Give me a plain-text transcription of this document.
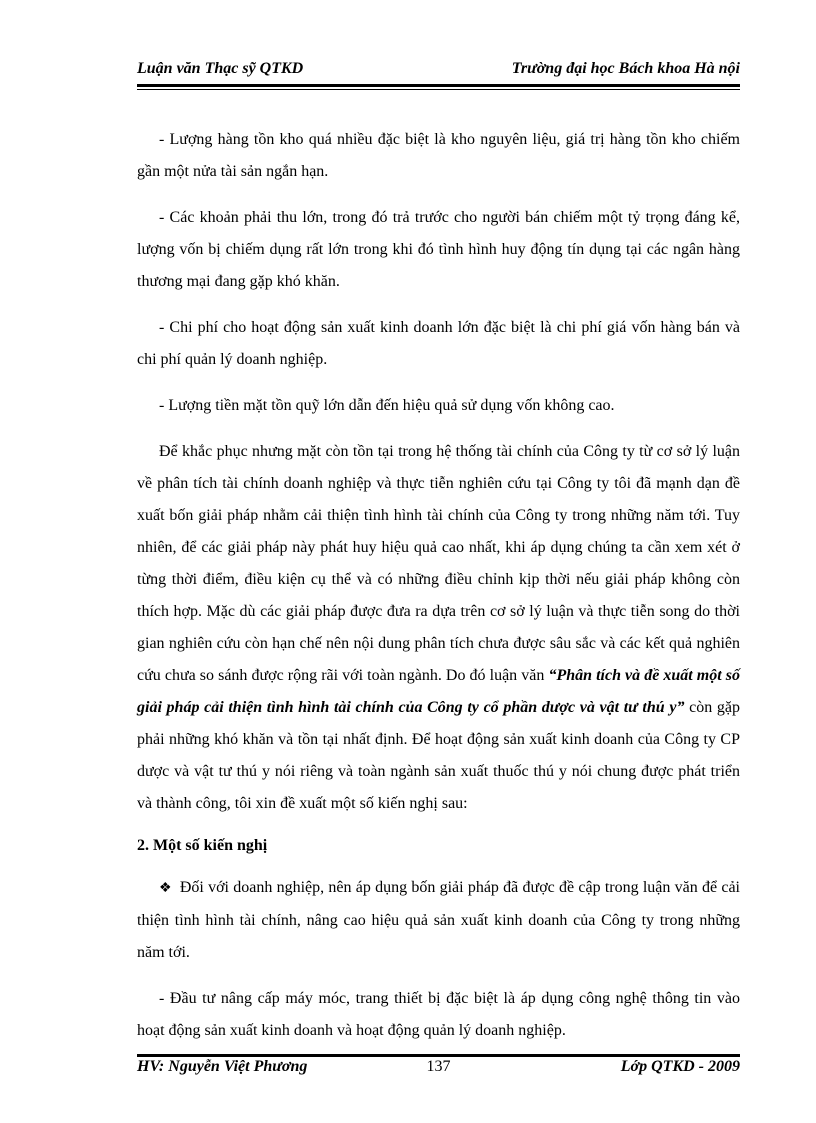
Luận văn Thạc sỹ QTKD	Trường đại học Bách khoa Hà nội

- Lượng hàng tồn kho quá nhiều đặc biệt là kho nguyên liệu, giá trị hàng tồn kho chiếm gần một nửa tài sản ngắn hạn.

- Các khoản phải thu lớn, trong đó trả trước cho người bán chiếm một tỷ trọng đáng kể, lượng vốn bị chiếm dụng rất lớn trong khi đó tình hình huy động tín dụng tại các ngân hàng thương mại đang gặp khó khăn.

- Chi phí cho hoạt động sản xuất kinh doanh lớn đặc biệt là chi phí giá vốn hàng bán và chi phí quản lý doanh nghiệp.

- Lượng tiền mặt tồn quỹ lớn dẫn đến hiệu quả sử dụng vốn không cao.

Để khắc phục nhưng mặt còn tồn tại trong hệ thống tài chính của Công ty từ cơ sở lý luận về phân tích tài chính doanh nghiệp và thực tiễn nghiên cứu tại Công ty tôi đã mạnh dạn đề xuất bốn giải pháp nhằm cải thiện tình hình tài chính của Công ty trong những năm tới. Tuy nhiên, để các giải pháp này phát huy hiệu quả cao nhất, khi áp dụng chúng ta cần xem xét ở từng thời điểm, điều kiện cụ thể và có những điều chỉnh kịp thời nếu giải pháp không còn thích hợp. Mặc dù các giải pháp được đưa ra dựa trên cơ sở lý luận và thực tiễn song do thời gian nghiên cứu còn hạn chế nên nội dung phân tích chưa được sâu sắc và các kết quả nghiên cứu chưa so sánh được rộng rãi với toàn ngành. Do đó luận văn “Phân tích và đề xuất một số giải pháp cải thiện tình hình tài chính của Công ty cổ phần dược và vật tư thú y” còn gặp phải những khó khăn và tồn tại nhất định. Để hoạt động sản xuất kinh doanh của Công ty CP dược và vật tư thú y nói riêng và toàn ngành sản xuất thuốc thú y nói chung được phát triển và thành công, tôi xin đề xuất một số kiến nghị sau:

2. Một số kiến nghị

❖ Đối với doanh nghiệp, nên áp dụng bốn giải pháp đã được đề cập trong luận văn để cải thiện tình hình tài chính, nâng cao hiệu quả sản xuất kinh doanh của Công ty trong những năm tới.

- Đầu tư nâng cấp máy móc, trang thiết bị đặc biệt là áp dụng công nghệ thông tin vào hoạt động sản xuất kinh doanh và hoạt động quản lý doanh nghiệp.

HV: Nguyễn Việt Phương	137	Lớp QTKD - 2009
